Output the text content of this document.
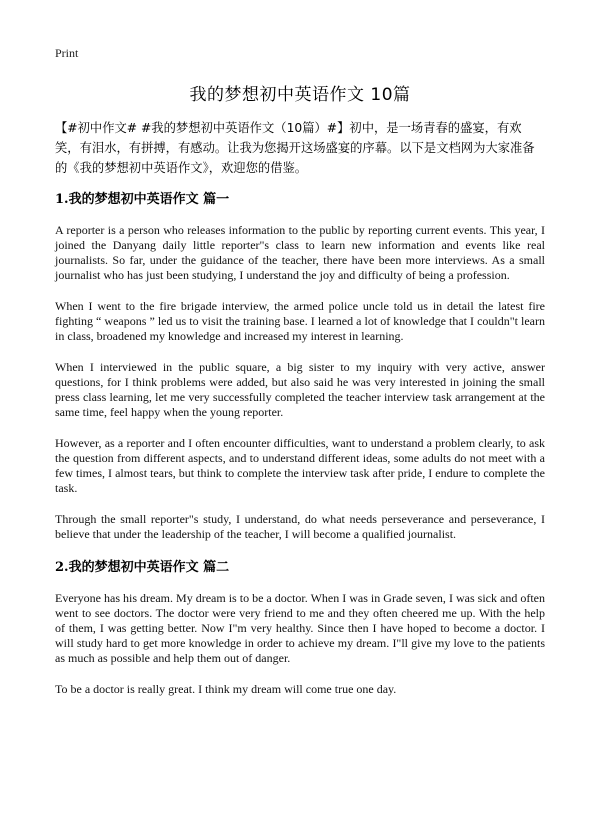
Print
我的梦想初中英语作文 10篇

【#初中作文# #我的梦想初中英语作文（10篇）#】初中，是一场青春的盛宴，有欢笑，有泪水，有拼搏，有感动。让我为您揭开这场盛宴的序幕。以下是文档网为大家准备的《我的梦想初中英语作文》，欢迎您的借鉴。

1.我的梦想初中英语作文 篇一

A reporter is a person who releases information to the public by reporting current events. This year, I joined the Danyang daily little reporter"s class to learn new information and events like real journalists. So far, under the guidance of the teacher, there have been more interviews. As a small journalist who has just been studying, I understand the joy and difficulty of being a profession.

When I went to the fire brigade interview, the armed police uncle told us in detail the latest fire fighting “ weapons ” led us to visit the training base. I learned a lot of knowledge that I couldn"t learn in class, broadened my knowledge and increased my interest in learning.

When I interviewed in the public square, a big sister to my inquiry with very active, answer questions, for I think problems were added, but also said he was very interested in joining the small press class learning, let me very successfully completed the teacher interview task arrangement at the same time, feel happy when the young reporter.

However, as a reporter and I often encounter difficulties, want to understand a problem clearly, to ask the question from different aspects, and to understand different ideas, some adults do not meet with a few times, I almost tears, but think to complete the interview task after pride, I endure to complete the task.

Through the small reporter"s study, I understand, do what needs perseverance and perseverance, I believe that under the leadership of the teacher, I will become a qualified journalist.

2.我的梦想初中英语作文 篇二

Everyone has his dream. My dream is to be a doctor. When I was in Grade seven, I was sick and often went to see doctors. The doctor were very friend to me and they often cheered me up. With the help of them, I was getting better. Now I"m very healthy. Since then I have hoped to become a doctor. I will study hard to get more knowledge in order to achieve my dream. I"ll give my love to the patients as much as possible and help them out of danger.

To be a doctor is really great. I think my dream will come true one day.
